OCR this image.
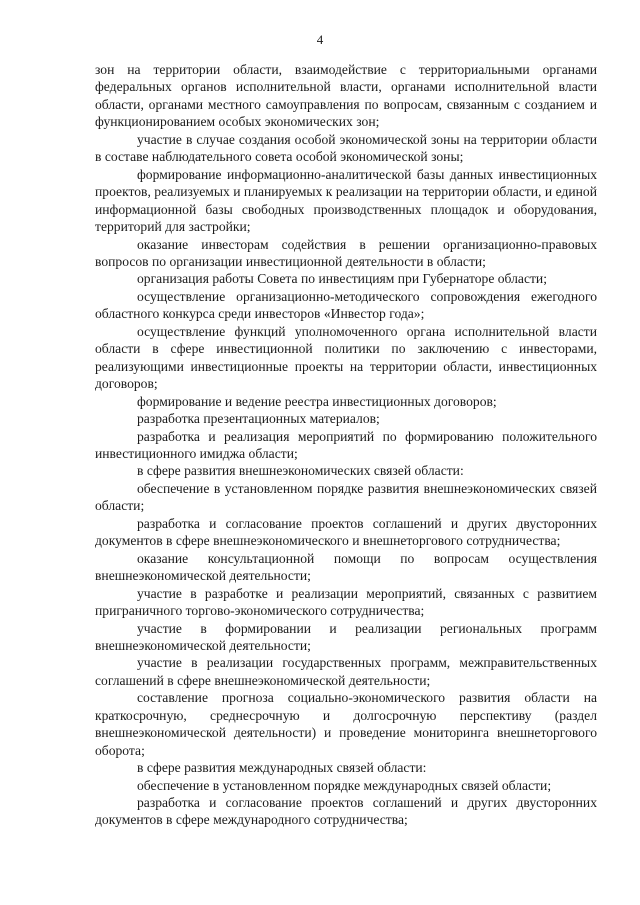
4

зон на территории области, взаимодействие с территориальными органами федеральных органов исполнительной власти, органами исполнительной власти области, органами местного самоуправления по вопросам, связанным с созданием и функционированием особых экономических зон;

участие в случае создания особой экономической зоны на территории области в составе наблюдательного совета особой экономической зоны;

формирование информационно-аналитической базы данных инвестиционных проектов, реализуемых и планируемых к реализации на территории области, и единой информационной базы свободных производственных площадок и оборудования, территорий для застройки;

оказание инвесторам содействия в решении организационно-правовых вопросов по организации инвестиционной деятельности в области;

организация работы Совета по инвестициям при Губернаторе области;

осуществление организационно-методического сопровождения ежегодного областного конкурса среди инвесторов «Инвестор года»;

осуществление функций уполномоченного органа исполнительной власти области в сфере инвестиционной политики по заключению с инвесторами, реализующими инвестиционные проекты на территории области, инвестиционных договоров;

формирование и ведение реестра инвестиционных договоров;

разработка презентационных материалов;

разработка и реализация мероприятий по формированию положительного инвестиционного имиджа области;

в сфере развития внешнеэкономических связей области:

обеспечение в установленном порядке развития внешнеэкономических связей области;

разработка и согласование проектов соглашений и других двусторонних документов в сфере внешнеэкономического и внешнеторгового сотрудничества;

оказание консультационной помощи по вопросам осуществления внешнеэкономической деятельности;

участие в разработке и реализации мероприятий, связанных с развитием приграничного торгово-экономического сотрудничества;

участие в формировании и реализации региональных программ внешнеэкономической деятельности;

участие в реализации государственных программ, межправительственных соглашений в сфере внешнеэкономической деятельности;

составление прогноза социально-экономического развития области на краткосрочную, среднесрочную и долгосрочную перспективу (раздел внешнеэкономической деятельности) и проведение мониторинга внешнеторгового оборота;

в сфере развития международных связей области:

обеспечение в установленном порядке международных связей области;

разработка и согласование проектов соглашений и других двусторонних документов в сфере международного сотрудничества;
